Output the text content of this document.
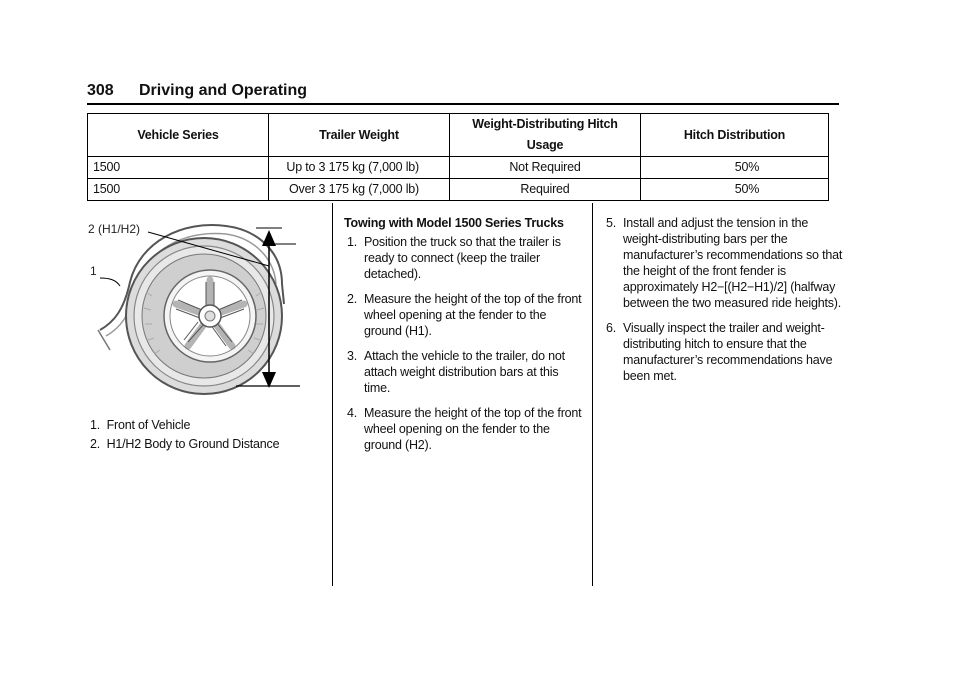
308 Driving and Operating
Vehicle Series	Trailer Weight	Weight-Distributing Hitch Usage	Hitch Distribution
1500	Up to 3 175 kg (7,000 lb)	Not Required	50%
1500	Over 3 175 kg (7,000 lb)	Required	50%
2 (H1/H2)
1
1.  Front of Vehicle
2.  H1/H2 Body to Ground Distance
Towing with Model 1500 Series Trucks
1. Position the truck so that the trailer is ready to connect (keep the trailer detached).
2. Measure the height of the top of the front wheel opening at the fender to the ground (H1).
3. Attach the vehicle to the trailer, do not attach weight distribution bars at this time.
4. Measure the height of the top of the front wheel opening on the fender to the ground (H2).
5. Install and adjust the tension in the weight-distributing bars per the manufacturer’s recommendations so that the height of the front fender is approximately H2−[(H2−H1)/2] (halfway between the two measured ride heights).
6. Visually inspect the trailer and weight-distributing hitch to ensure that the manufacturer’s recommendations have been met.
